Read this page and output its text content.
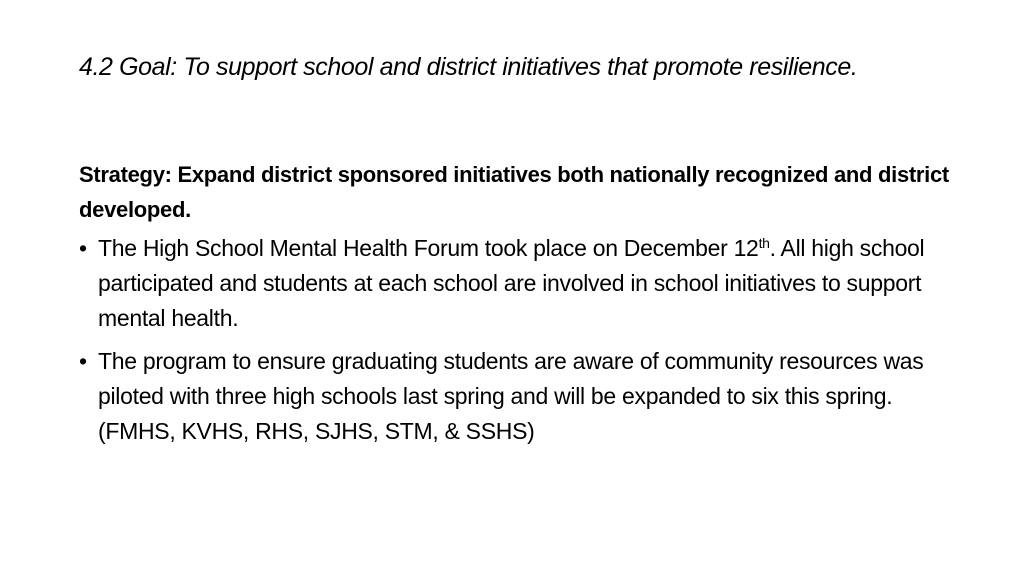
4.2 Goal: To support school and district initiatives that promote resilience.

Strategy: Expand district sponsored initiatives both nationally recognized and district developed.

• The High School Mental Health Forum took place on December 12th. All high school participated and students at each school are involved in school initiatives to support mental health.
• The program to ensure graduating students are aware of community resources was piloted with three high schools last spring and will be expanded to six this spring. (FMHS, KVHS, RHS, SJHS, STM, & SSHS)
